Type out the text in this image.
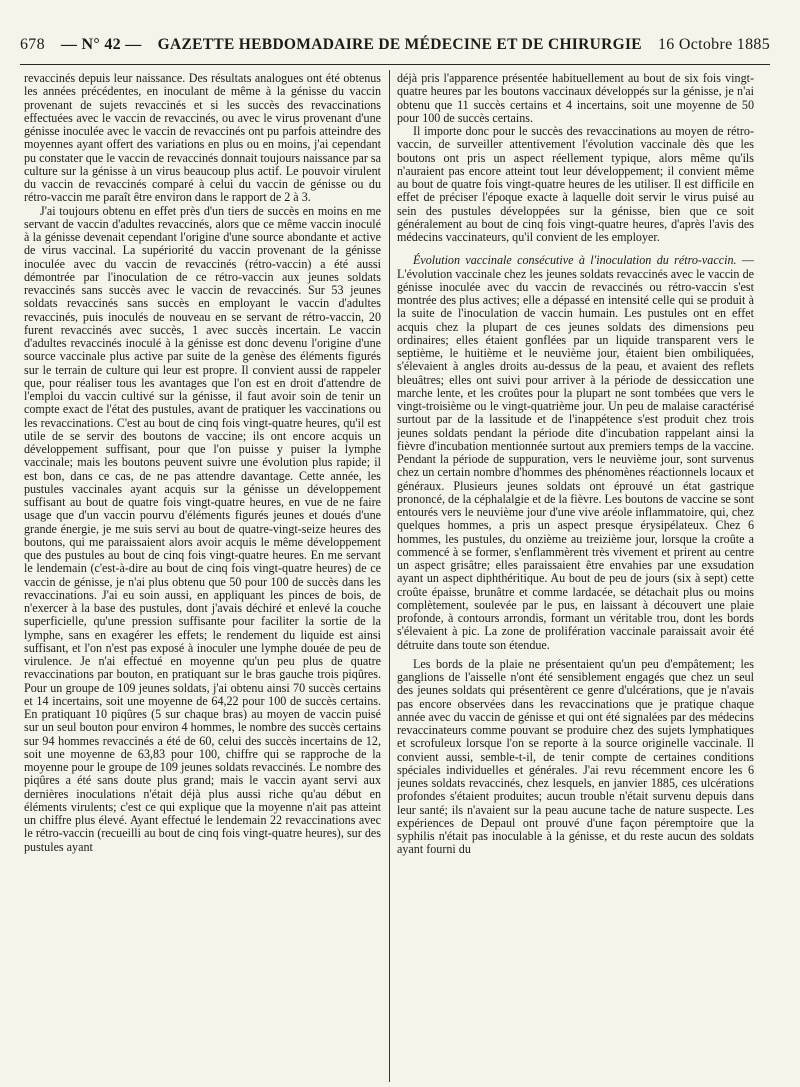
678 — N° 42 — GAZETTE HEBDOMADAIRE DE MÉDECINE ET DE CHIRURGIE 16 Octobre 1885

revaccinés depuis leur naissance. Des résultats analogues ont été obtenus les années précédentes, en inoculant de même à la génisse du vaccin provenant de sujets revaccinés et si les succès des revaccinations effectuées avec le vaccin de revaccinés, ou avec le virus provenant d'une génisse inoculée avec le vaccin de revaccinés ont pu parfois atteindre des moyennes ayant offert des variations en plus ou en moins, j'ai cependant pu constater que le vaccin de revaccinés donnait toujours naissance par sa culture sur la génisse à un virus beaucoup plus actif. Le pouvoir virulent du vaccin de revaccinés comparé à celui du vaccin de génisse ou du rétro-vaccin me paraît être environ dans le rapport de 2 à 3.

J'ai toujours obtenu en effet près d'un tiers de succès en moins en me servant de vaccin d'adultes revaccinés, alors que ce même vaccin inoculé à la génisse devenait cependant l'origine d'une source abondante et active de virus vaccinal. La supériorité du vaccin provenant de la génisse inoculée avec du vaccin de revaccinés (rétro-vaccin) a été aussi démontrée par l'inoculation de ce rétro-vaccin aux jeunes soldats revaccinés sans succès avec le vaccin de revaccinés. Sur 53 jeunes soldats revaccinés sans succès en employant le vaccin d'adultes revaccinés, puis inoculés de nouveau en se servant de rétro-vaccin, 20 furent revaccinés avec succès, 1 avec succès incertain. Le vaccin d'adultes revaccinés inoculé à la génisse est donc devenu l'origine d'une source vaccinale plus active par suite de la genèse des éléments figurés sur le terrain de culture qui leur est propre. Il convient aussi de rappeler que, pour réaliser tous les avantages que l'on est en droit d'attendre de l'emploi du vaccin cultivé sur la génisse, il faut avoir soin de tenir un compte exact de l'état des pustules, avant de pratiquer les vaccinations ou les revaccinations. C'est au bout de cinq fois vingt-quatre heures, qu'il est utile de se servir des boutons de vaccine; ils ont encore acquis un développement suffisant, pour que l'on puisse y puiser la lymphe vaccinale; mais les boutons peuvent suivre une évolution plus rapide; il est bon, dans ce cas, de ne pas attendre davantage. Cette année, les pustules vaccinales ayant acquis sur la génisse un développement suffisant au bout de quatre fois vingt-quatre heures, en vue de ne faire usage que d'un vaccin pourvu d'éléments figurés jeunes et doués d'une grande énergie, je me suis servi au bout de quatre-vingt-seize heures des boutons, qui me paraissaient alors avoir acquis le même développement que des pustules au bout de cinq fois vingt-quatre heures. En me servant le lendemain (c'est-à-dire au bout de cinq fois vingt-quatre heures) de ce vaccin de génisse, je n'ai plus obtenu que 50 pour 100 de succès dans les revaccinations. J'ai eu soin aussi, en appliquant les pinces de bois, de n'exercer à la base des pustules, dont j'avais déchiré et enlevé la couche superficielle, qu'une pression suffisante pour faciliter la sortie de la lymphe, sans en exagérer les effets; le rendement du liquide est ainsi suffisant, et l'on n'est pas exposé à inoculer une lymphe douée de peu de virulence. Je n'ai effectué en moyenne qu'un peu plus de quatre revaccinations par bouton, en pratiquant sur le bras gauche trois piqûres. Pour un groupe de 109 jeunes soldats, j'ai obtenu ainsi 70 succès certains et 14 incertains, soit une moyenne de 64,22 pour 100 de succès certains. En pratiquant 10 piqûres (5 sur chaque bras) au moyen de vaccin puisé sur un seul bouton pour environ 4 hommes, le nombre des succès certains sur 94 hommes revaccinés a été de 60, celui des succès incertains de 12, soit une moyenne de 63,83 pour 100, chiffre qui se rapproche de la moyenne pour le groupe de 109 jeunes soldats revaccinés. Le nombre des piqûres a été sans doute plus grand; mais le vaccin ayant servi aux dernières inoculations n'était déjà plus aussi riche qu'au début en éléments virulents; c'est ce qui explique que la moyenne n'ait pas atteint un chiffre plus élevé. Ayant effectué le lendemain 22 revaccinations avec le rétro-vaccin (recueilli au bout de cinq fois vingt-quatre heures), sur des pustules ayant

déjà pris l'apparence présentée habituellement au bout de six fois vingt-quatre heures par les boutons vaccinaux développés sur la génisse, je n'ai obtenu que 11 succès certains et 4 incertains, soit une moyenne de 50 pour 100 de succès certains.

Il importe donc pour le succès des revaccinations au moyen de rétro-vaccin, de surveiller attentivement l'évolution vaccinale dès que les boutons ont pris un aspect réellement typique, alors même qu'ils n'auraient pas encore atteint tout leur développement; il convient même au bout de quatre fois vingt-quatre heures de les utiliser. Il est difficile en effet de préciser l'époque exacte à laquelle doit servir le virus puisé au sein des pustules développées sur la génisse, bien que ce soit généralement au bout de cinq fois vingt-quatre heures, d'après l'avis des médecins vaccinateurs, qu'il convient de les employer.

Évolution vaccinale consécutive à l'inoculation du rétro-vaccin. — L'évolution vaccinale chez les jeunes soldats revaccinés avec le vaccin de génisse inoculée avec du vaccin de revaccinés ou rétro-vaccin s'est montrée des plus actives; elle a dépassé en intensité celle qui se produit à la suite de l'inoculation de vaccin humain. Les pustules ont en effet acquis chez la plupart de ces jeunes soldats des dimensions peu ordinaires; elles étaient gonflées par un liquide transparent vers le septième, le huitième et le neuvième jour, étaient bien ombiliquées, s'élevaient à angles droits au-dessus de la peau, et avaient des reflets bleuâtres; elles ont suivi pour arriver à la période de dessiccation une marche lente, et les croûtes pour la plupart ne sont tombées que vers le vingt-troisième ou le vingt-quatrième jour. Un peu de malaise caractérisé surtout par de la lassitude et de l'inappétence s'est produit chez trois jeunes soldats pendant la période dite d'incubation rappelant ainsi la fièvre d'incubation mentionnée surtout aux premiers temps de la vaccine. Pendant la période de suppuration, vers le neuvième jour, sont survenus chez un certain nombre d'hommes des phénomènes réactionnels locaux et généraux. Plusieurs jeunes soldats ont éprouvé un état gastrique prononcé, de la céphalalgie et de la fièvre. Les boutons de vaccine se sont entourés vers le neuvième jour d'une vive aréole inflammatoire, qui, chez quelques hommes, a pris un aspect presque érysipélateux. Chez 6 hommes, les pustules, du onzième au treizième jour, lorsque la croûte a commencé à se former, s'enflammèrent très vivement et prirent au centre un aspect grisâtre; elles paraissaient être envahies par une exsudation ayant un aspect diphthéritique. Au bout de peu de jours (six à sept) cette croûte épaisse, brunâtre et comme lardacée, se détachait plus ou moins complètement, soulevée par le pus, en laissant à découvert une plaie profonde, à contours arrondis, formant un véritable trou, dont les bords s'élevaient à pic. La zone de prolifération vaccinale paraissait avoir été détruite dans toute son étendue.

Les bords de la plaie ne présentaient qu'un peu d'empâtement; les ganglions de l'aisselle n'ont été sensiblement engagés que chez un seul des jeunes soldats qui présentèrent ce genre d'ulcérations, que je n'avais pas encore observées dans les revaccinations que je pratique chaque année avec du vaccin de génisse et qui ont été signalées par des médecins revaccinateurs comme pouvant se produire chez des sujets lymphatiques et scrofuleux lorsque l'on se reporte à la source originelle vaccinale. Il convient aussi, semble-t-il, de tenir compte de certaines conditions spéciales individuelles et générales. J'ai revu récemment encore les 6 jeunes soldats revaccinés, chez lesquels, en janvier 1885, ces ulcérations profondes s'étaient produites; aucun trouble n'était survenu depuis dans leur santé; ils n'avaient sur la peau aucune tache de nature suspecte. Les expériences de Depaul ont prouvé d'une façon péremptoire que la syphilis n'était pas inoculable à la génisse, et du reste aucun des soldats ayant fourni du
